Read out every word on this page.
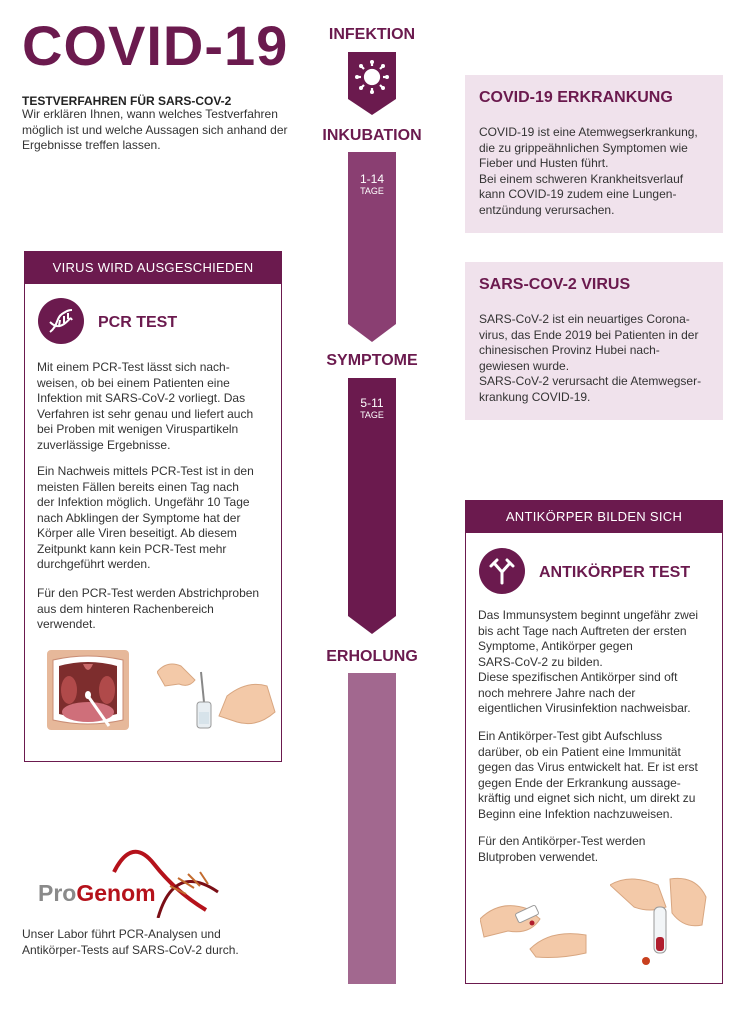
COVID-19
TESTVERFAHREN FÜR SARS-COV-2
Wir erklären Ihnen, wann welches Testverfahren möglich ist und welche Aussagen sich anhand der Ergebnisse treffen lassen.
INFEKTION
INKUBATION
1-14
TAGE
SYMPTOME
5-11
TAGE
ERHOLUNG
COVID-19 ERKRANKUNG

COVID-19 ist eine Atemwegserkrankung,
die zu grippeähnlichen Symptomen wie
Fieber und Husten führt.
Bei einem schweren Krankheitsverlauf
kann COVID-19 zudem eine Lungen-
entzündung verursachen.

SARS-COV-2 VIRUS

SARS-CoV-2 ist ein neuartiges Corona-
virus, das Ende 2019 bei Patienten in der
chinesischen Provinz Hubei nach-
gewiesen wurde.
SARS-CoV-2 verursacht die Atemwegser-
krankung COVID-19.

VIRUS WIRD AUSGESCHIEDEN
PCR TEST
Mit einem PCR-Test lässt sich nach-
weisen, ob bei einem Patienten eine
Infektion mit SARS-CoV-2 vorliegt. Das
Verfahren ist sehr genau und liefert auch
bei Proben mit wenigen Viruspartikeln
zuverlässige Ergebnisse.
Ein Nachweis mittels PCR-Test ist in den
meisten Fällen bereits einen Tag nach
der Infektion möglich. Ungefähr 10 Tage
nach Abklingen der Symptome hat der
Körper alle Viren beseitigt. Ab diesem
Zeitpunkt kann kein PCR-Test mehr
durchgeführt werden.
Für den PCR-Test werden Abstrichproben
aus dem hinteren Rachenbereich
verwendet.
ANTIKÖRPER BILDEN SICH
ANTIKÖRPER TEST
Das Immunsystem beginnt ungefähr zwei
bis acht Tage nach Auftreten der ersten
Symptome, Antikörper gegen
SARS-CoV-2 zu bilden.
Diese spezifischen Antikörper sind oft
noch mehrere Jahre nach der
eigentlichen Virusinfektion nachweisbar.
Ein Antikörper-Test gibt Aufschluss
darüber, ob ein Patient eine Immunität
gegen das Virus entwickelt hat. Er ist erst
gegen Ende der Erkrankung aussage-
kräftig und eignet sich nicht, um direkt zu
Beginn eine Infektion nachzuweisen.
Für den Antikörper-Test werden
Blutproben verwendet.
ProGenom
Unser Labor führt PCR-Analysen und Antikörper-Tests auf SARS-CoV-2 durch.
